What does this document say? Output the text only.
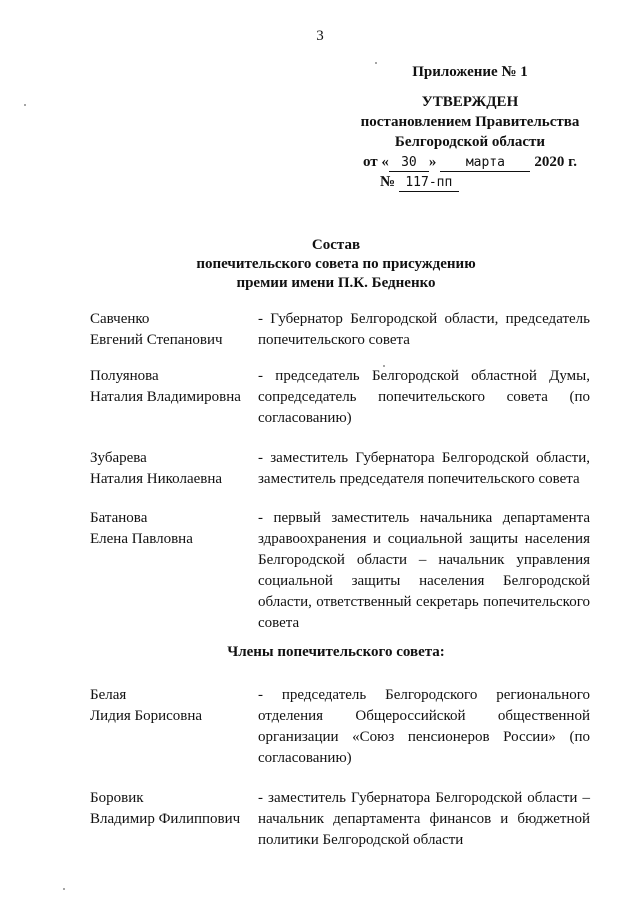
3
Приложение № 1
УТВЕРЖДЕН
постановлением Правительства
Белгородской области
от « 30 » марта 2020 г.
№ 117-пп
Состав
попечительского совета по присуждению
премии имени П.К. Беднeнко
Савченко
Евгений Степанович
- Губернатор Белгородской области, председатель попечительского совета
Полуянова
Наталия Владимировна
- председатель Белгородской областной Думы, сопредседатель попечительского совета (по согласованию)
Зубарева
Наталия Николаевна
- заместитель Губернатора Белгородской области, заместитель председателя попечительского совета
Батанова
Елена Павловна
- первый заместитель начальника департамента здравоохранения и социальной защиты населения Белгородской области – начальник управления социальной защиты населения Белгородской области, ответственный секретарь попечительского совета
Члены попечительского совета:
Белая
Лидия Борисовна
- председатель Белгородского регионального отделения Общероссийской общественной организации «Союз пенсионеров России» (по согласованию)
Боровик
Владимир Филиппович
- заместитель Губернатора Белгородской области – начальник департамента финансов и бюджетной политики Белгородской области
